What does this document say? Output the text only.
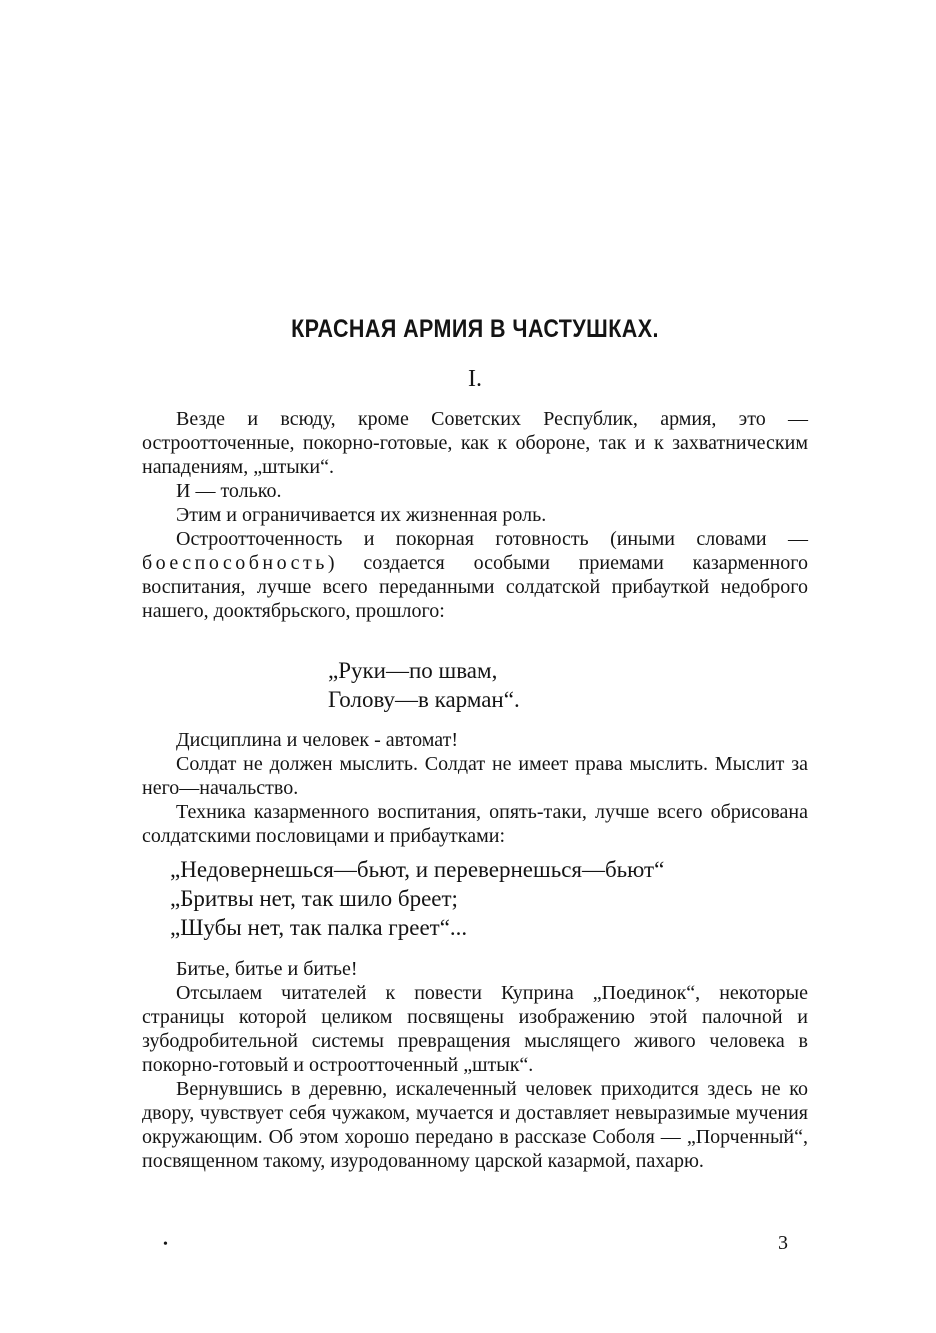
КРАСНАЯ АРМИЯ В ЧАСТУШКАХ.
I.

Везде и всюду, кроме Советских Республик, армия, это — остроотточенные, покорно-готовые, как к обороне, так и к захватническим нападениям, „штыки“.

И — только.

Этим и ограничивается их жизненная роль.

Остроотточенность и покорная готовность (иными словами — боеспособность) создается особыми приемами казарменного воспитания, лучше всего переданными солдатской прибауткой недоброго нашего, дооктябрьского, прошлого:

„Руки—по швам,

Голову—в карман“.

Дисциплина и человек - автомат!

Солдат не должен мыслить. Солдат не имеет права мыслить. Мыслит за него—начальство.

Техника казарменного воспитания, опять-таки, лучше всего обрисована солдатскими пословицами и прибаутками:

„Недовернешься—бьют, и перевернешься—бьют“

„Бритвы нет, так шило бреет;

„Шубы нет, так палка греет“...

Битье, битье и битье!

Отсылаем читателей к повести Куприна „Поединок“, некоторые страницы которой целиком посвящены изображению этой палочной и зубодробительной системы превращения мыслящего живого человека в покорно-готовый и остроотточенный „штык“.

Вернувшись в деревню, искалеченный человек приходится здесь не ко двору, чувствует себя чужаком, мучается и доставляет невыразимые мучения окружающим. Об этом хорошо передано в рассказе Соболя — „Порченный“, посвященном такому, изуродованному царской казармой, пахарю.

•	3
